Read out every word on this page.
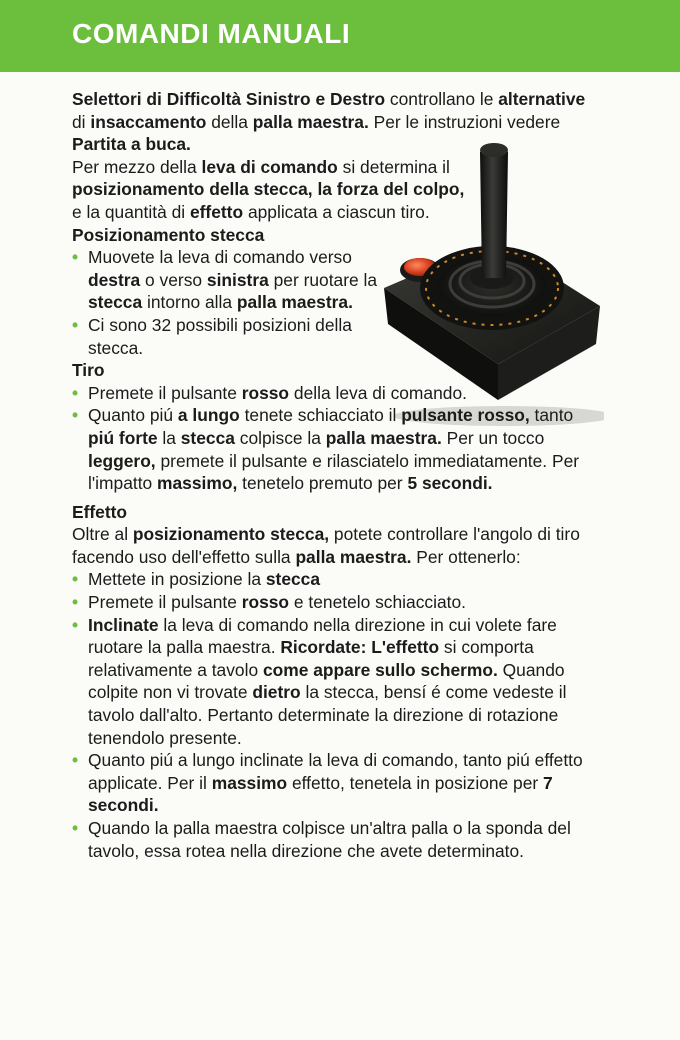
COMANDI MANUALI

Selettori di Difficoltà Sinistro e Destro controllano le alternative di insaccamento della palla maestra. Per le instruzioni vedere Partita a buca.

Per mezzo della leva di comando si determina il posizionamento della stecca, la forza del colpo, e la quantità di effetto applicata a ciascun tiro.

Posizionamento stecca

• Muovete la leva di comando verso destra o verso sinistra per ruotare la stecca intorno alla palla maestra.
• Ci sono 32 possibili posizioni della stecca.

Tiro

• Premete il pulsante rosso della leva di comando.
• Quanto piú a lungo tenete schiacciato il pulsante rosso, tanto piú forte la stecca colpisce la palla maestra. Per un tocco leggero, premete il pulsante e rilasciatelo immediatamente. Per l'impatto massimo, tenetelo premuto per 5 secondi.

Effetto

Oltre al posizionamento stecca, potete controllare l'angolo di tiro facendo uso dell'effetto sulla palla maestra. Per ottenerlo:

• Mettete in posizione la stecca
• Premete il pulsante rosso e tenetelo schiacciato.
• Inclinate la leva di comando nella direzione in cui volete fare ruotare la palla maestra. Ricordate: L'effetto si comporta relativamente a tavolo come appare sullo schermo. Quando colpite non vi trovate dietro la stecca, bensí é come vedeste il tavolo dall'alto. Pertanto determinate la direzione di rotazione tenendolo presente.
• Quanto piú a lungo inclinate la leva di comando, tanto piú effetto applicate. Per il massimo effetto, tenetela in posizione per 7 secondi.
• Quando la palla maestra colpisce un'altra palla o la sponda del tavolo, essa rotea nella direzione che avete determinato.
